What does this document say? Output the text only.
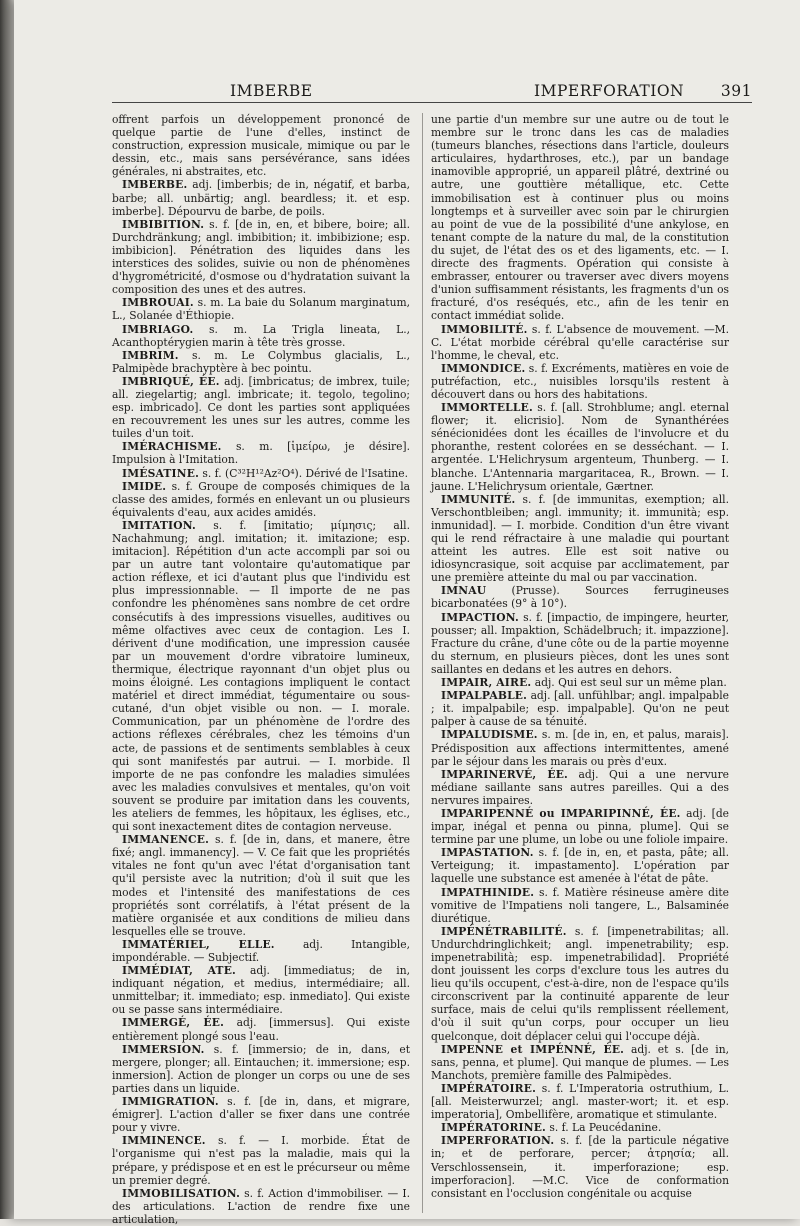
IMBERBE	IMPERFORATION 391

offrent parfois un développement prononcé de quelque partie de l'une d'elles, instinct de construction, expression musicale, mimique ou par le dessin, etc., mais sans persévérance, sans idées générales, ni abstraites, etc.

IMBERBE. adj. [imberbis; de in, négatif, et barba, barbe; all. unbärtig; angl. beardless; it. et esp. imberbe]. Dépourvu de barbe, de poils.

IMBIBITION. s. f. [de in, en, et bibere, boire; all. Durchdränkung; angl. imbibition; it. imbibizione; esp. imbibicion]. Pénétration des liquides dans les interstices des solides, suivie ou non de phénomènes d'hygrométricité, d'osmose ou d'hydratation suivant la composition des unes et des autres.

IMBROUAI. s. m. La baie du Solanum marginatum, L., Solanée d'Éthiopie.

IMBRIAGO. s. m. La Trigla lineata, L., Acanthoptérygien marin à tête très grosse.

IMBRIM. s. m. Le Colymbus glacialis, L., Palmipède brachyptère à bec pointu.

IMBRIQUÉ, ÉE. adj. [imbricatus; de imbrex, tuile; all. ziegelartig; angl. imbricate; it. tegolo, tegolino; esp. imbricado]. Ce dont les parties sont appliquées en recouvrement les unes sur les autres, comme les tuiles d'un toit.

IMÉRACHISME. s. m. [ἱμείρω, je désire]. Impulsion à l'Imitation.

IMÉSATINE. s. f. (C³²H¹²Az²O⁴). Dérivé de l'Isatine.

IMIDE. s. f. Groupe de composés chimiques de la classe des amides, formés en enlevant un ou plusieurs équivalents d'eau, aux acides amidés.

IMITATION. s. f. [imitatio; μίμησις; all. Nachahmung; angl. imitation; it. imitazione; esp. imitacion]. Répétition d'un acte accompli par soi ou par un autre tant volontaire qu'automatique par action réflexe, et ici d'autant plus que l'individu est plus impressionnable. — Il importe de ne pas confondre les phénomènes sans nombre de cet ordre consécutifs à des impressions visuelles, auditives ou même olfactives avec ceux de contagion. Les I. dérivent d'une modification, une impression causée par un mouvement d'ordre vibratoire lumineux, thermique, électrique rayonnant d'un objet plus ou moins éloigné. Les contagions impliquent le contact matériel et direct immédiat, tégumentaire ou sous-cutané, d'un objet visible ou non. — I. morale. Communication, par un phénomène de l'ordre des actions réflexes cérébrales, chez les témoins d'un acte, de passions et de sentiments semblables à ceux qui sont manifestés par autrui. — I. morbide. Il importe de ne pas confondre les maladies simulées avec les maladies convulsives et mentales, qu'on voit souvent se produire par imitation dans les couvents, les ateliers de femmes, les hôpitaux, les églises, etc., qui sont inexactement dites de contagion nerveuse.

IMMANENCE. s. f. [de in, dans, et manere, être fixé; angl. immanency]. — V. Ce fait que les propriétés vitales ne font qu'un avec l'état d'organisation tant qu'il persiste avec la nutrition; d'où il suit que les modes et l'intensité des manifestations de ces propriétés sont corrélatifs, à l'état présent de la matière organisée et aux conditions de milieu dans lesquelles elle se trouve.

IMMATÉRIEL, ELLE. adj. Intangible, impondérable. — Subjectif.

IMMÉDIAT, ATE. adj. [immediatus; de in, indiquant négation, et medius, intermédiaire; all. unmittelbar; it. immediato; esp. inmediato]. Qui existe ou se passe sans intermédiaire.

IMMERGÉ, ÉE. adj. [immersus]. Qui existe entièrement plongé sous l'eau.

IMMERSION. s. f. [immersio; de in, dans, et mergere, plonger; all. Eintauchen; it. immersione; esp. inmersion]. Action de plonger un corps ou une de ses parties dans un liquide.

IMMIGRATION. s. f. [de in, dans, et migrare, émigrer]. L'action d'aller se fixer dans une contrée pour y vivre.

IMMINENCE. s. f. — I. morbide. État de l'organisme qui n'est pas la maladie, mais qui la prépare, y prédispose et en est le précurseur ou même un premier degré.

IMMOBILISATION. s. f. Action d'immobiliser. — I. des articulations. L'action de rendre fixe une articulation,

une partie d'un membre sur une autre ou de tout le membre sur le tronc dans les cas de maladies (tumeurs blanches, résections dans l'article, douleurs articulaires, hydarthroses, etc.), par un bandage inamovible approprié, un appareil plâtré, dextriné ou autre, une gouttière métallique, etc. Cette immobilisation est à continuer plus ou moins longtemps et à surveiller avec soin par le chirurgien au point de vue de la possibilité d'une ankylose, en tenant compte de la nature du mal, de la constitution du sujet, de l'état des os et des ligaments, etc. — I. directe des fragments. Opération qui consiste à embrasser, entourer ou traverser avec divers moyens d'union suffisamment résistants, les fragments d'un os fracturé, d'os reséqués, etc., afin de les tenir en contact immédiat solide.

IMMOBILITÉ. s. f. L'absence de mouvement. —M. C. L'état morbide cérébral qu'elle caractérise sur l'homme, le cheval, etc.

IMMONDICE. s. f. Excréments, matières en voie de putréfaction, etc., nuisibles lorsqu'ils restent à découvert dans ou hors des habitations.

IMMORTELLE. s. f. [all. Strohblume; angl. eternal flower; it. elicrisio]. Nom de Synanthérées sénécionidées dont les écailles de l'involucre et du phoranthe, restent colorées en se desséchant. — I. argentée. L'Helichrysum argenteum, Thunberg. — I. blanche. L'Antennaria margaritacea, R., Brown. — I. jaune. L'Helichrysum orientale, Gærtner.

IMMUNITÉ. s. f. [de immunitas, exemption; all. Verschontbleiben; angl. immunity; it. immunità; esp. inmunidad]. — I. morbide. Condition d'un être vivant qui le rend réfractaire à une maladie qui pourtant atteint les autres. Elle est soit native ou idiosyncrasique, soit acquise par acclimatement, par une première atteinte du mal ou par vaccination.

IMNAU (Prusse). Sources ferrugineuses bicarbonatées (9° à 10°).

IMPACTION. s. f. [impactio, de impingere, heurter, pousser; all. Impaktion, Schädelbruch; it. impazzione]. Fracture du crâne, d'une côte ou de la partie moyenne du sternum, en plusieurs pièces, dont les unes sont saillantes en dedans et les autres en dehors.

IMPAIR, AIRE. adj. Qui est seul sur un même plan.

IMPALPABLE. adj. [all. unfühlbar; angl. impalpable ; it. impalpabile; esp. impalpable]. Qu'on ne peut palper à cause de sa ténuité.

IMPALUDISME. s. m. [de in, en, et palus, marais]. Prédisposition aux affections intermittentes, amené par le séjour dans les marais ou près d'eux.

IMPARINERVÉ, ÉE. adj. Qui a une nervure médiane saillante sans autres pareilles. Qui a des nervures impaires.

IMPARIPENNÉ ou IMPARIPINNÉ, ÉE. adj. [de impar, inégal et penna ou pinna, plume]. Qui se termine par une plume, un lobe ou une foliole impaire.

IMPASTATION. s. f. [de in, en, et pasta, pâte; all. Verteigung; it. impastamento]. L'opération par laquelle une substance est amenée à l'état de pâte.

IMPATHINIDE. s. f. Matière résineuse amère dite vomitive de l'Impatiens noli tangere, L., Balsaminée diurétique.

IMPÉNÉTRABILITÉ. s. f. [impenetrabilitas; all. Undurchdringlichkeit; angl. impenetrability; esp. impenetrabilità; esp. impenetrabilidad]. Propriété dont jouissent les corps d'exclure tous les autres du lieu qu'ils occupent, c'est-à-dire, non de l'espace qu'ils circonscrivent par la continuité apparente de leur surface, mais de celui qu'ils remplissent réellement, d'où il suit qu'un corps, pour occuper un lieu quelconque, doit déplacer celui qui l'occupe déjà.

IMPENNE et IMPÉNNÉ, ÉE. adj. et s. [de in, sans, penna, et plume]. Qui manque de plumes. — Les Manchots, première famille des Palmipèdes.

IMPÉRATOIRE. s. f. L'Imperatoria ostruthium, L. [all. Meisterwurzel; angl. master-wort; it. et esp. imperatoria], Ombellifère, aromatique et stimulante.

IMPÉRATORINE. s. f. La Peucédanine.

IMPERFORATION. s. f. [de la particule négative in; et de perforare, percer; ἀτρησία; all. Verschlossensein, it. imperforazione; esp. imperforacion]. —M.C. Vice de conformation consistant en l'occlusion congénitale ou acquise
